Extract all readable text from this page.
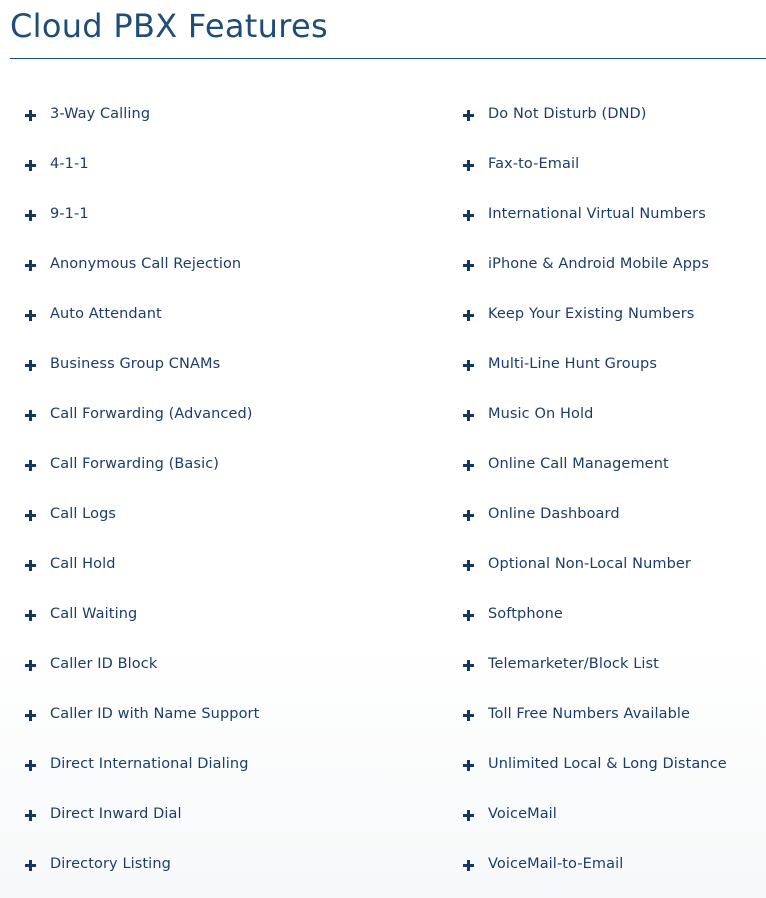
Cloud PBX Features
3-Way Calling
4-1-1
9-1-1
Anonymous Call Rejection
Auto Attendant
Business Group CNAMs
Call Forwarding (Advanced)
Call Forwarding (Basic)
Call Logs
Call Hold
Call Waiting
Caller ID Block
Caller ID with Name Support
Direct International Dialing
Direct Inward Dial
Directory Listing
Do Not Disturb (DND)
Fax-to-Email
International Virtual Numbers
iPhone & Android Mobile Apps
Keep Your Existing Numbers
Multi-Line Hunt Groups
Music On Hold
Online Call Management
Online Dashboard
Optional Non-Local Number
Softphone
Telemarketer/Block List
Toll Free Numbers Available
Unlimited Local & Long Distance
VoiceMail
VoiceMail-to-Email
